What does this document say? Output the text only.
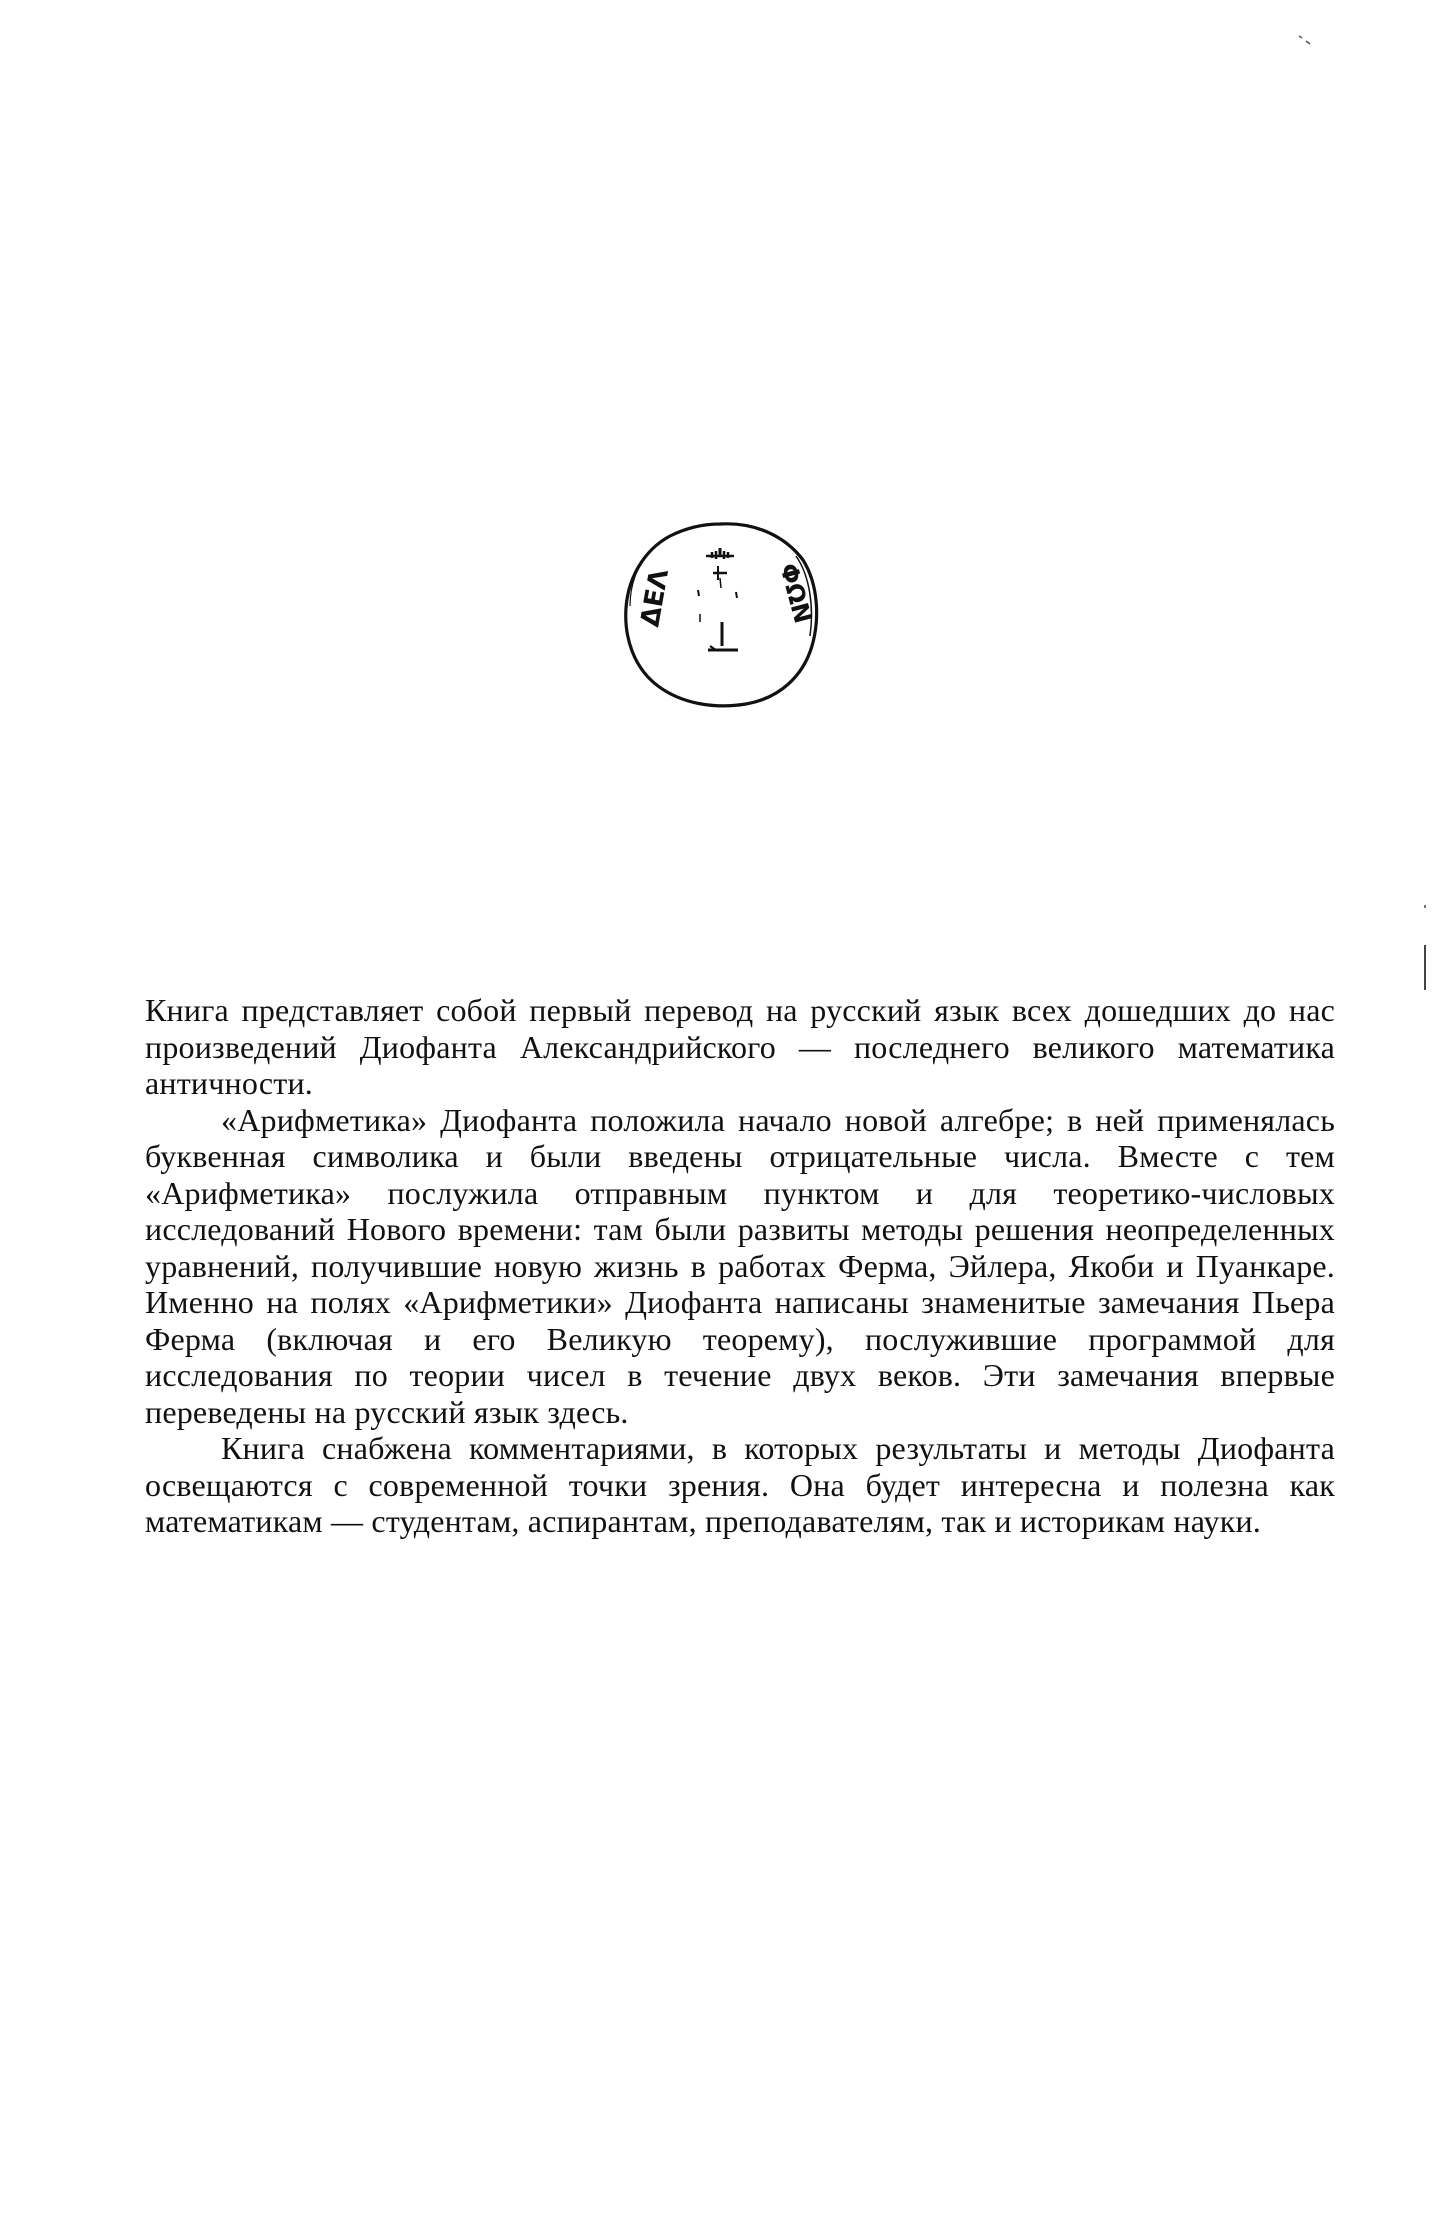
ΔΕΛ	ΦΩΝ

Книга представляет собой первый перевод на русский язык всех дошедших до нас произведений Диофанта Александрийского — последнего великого математика античности.

«Арифметика» Диофанта положила начало новой алгебре; в ней применялась буквенная символика и были введены отрицательные числа. Вместе с тем «Арифметика» послужила отправным пунктом и для теоретико-числовых исследований Нового времени: там были развиты методы решения неопределенных уравнений, получившие новую жизнь в работах Ферма, Эйлера, Якоби и Пуанкаре. Именно на полях «Арифметики» Диофанта написаны знаменитые замечания Пьера Ферма (включая и его Великую теорему), послужившие программой для исследования по теории чисел в течение двух веков. Эти замечания впервые переведены на русский язык здесь.

Книга снабжена комментариями, в которых результаты и методы Диофанта освещаются с современной точки зрения. Она будет интересна и полезна как математикам — студентам, аспирантам, преподавателям, так и историкам науки.
